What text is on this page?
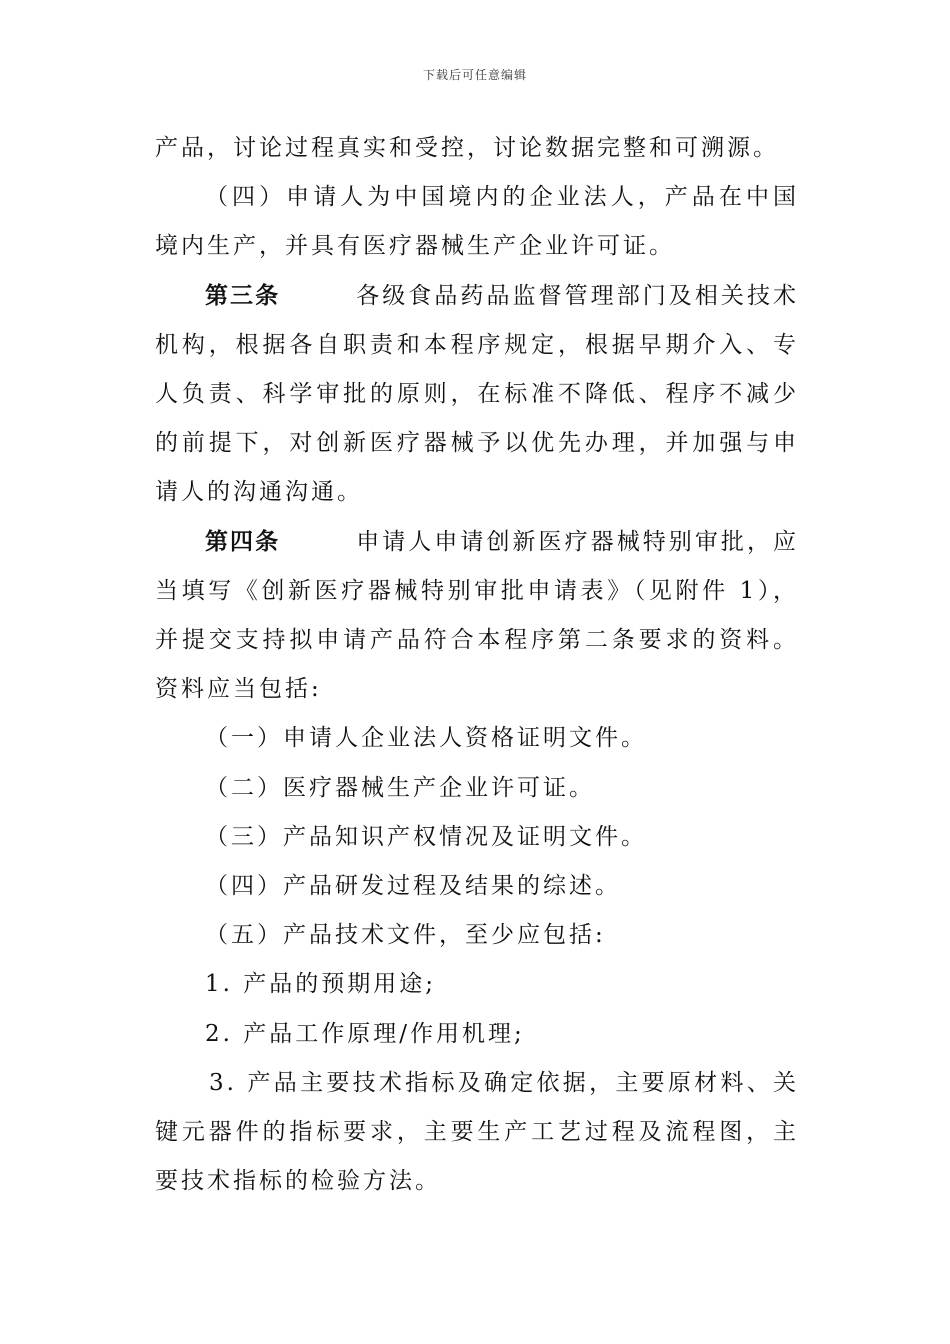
下载后可任意编辑

产品，讨论过程真实和受控，讨论数据完整和可溯源。

（四）申请人为中国境内的企业法人，产品在中国境内生产，并具有医疗器械生产企业许可证。

第三条	各级食品药品监督管理部门及相关技术机构，根据各自职责和本程序规定，根据早期介入、专人负责、科学审批的原则，在标准不降低、程序不减少的前提下，对创新医疗器械予以优先办理，并加强与申请人的沟通沟通。

第四条	申请人申请创新医疗器械特别审批，应当填写《创新医疗器械特别审批申请表》（见附件 1），并提交支持拟申请产品符合本程序第二条要求的资料。资料应当包括:

（一）申请人企业法人资格证明文件。

（二）医疗器械生产企业许可证。

（三）产品知识产权情况及证明文件。

（四）产品研发过程及结果的综述。

（五）产品技术文件，至少应包括:

1. 产品的预期用途;

2. 产品工作原理/作用机理;

3. 产品主要技术指标及确定依据，主要原材料、关键元器件的指标要求，主要生产工艺过程及流程图，主要技术指标的检验方法。
